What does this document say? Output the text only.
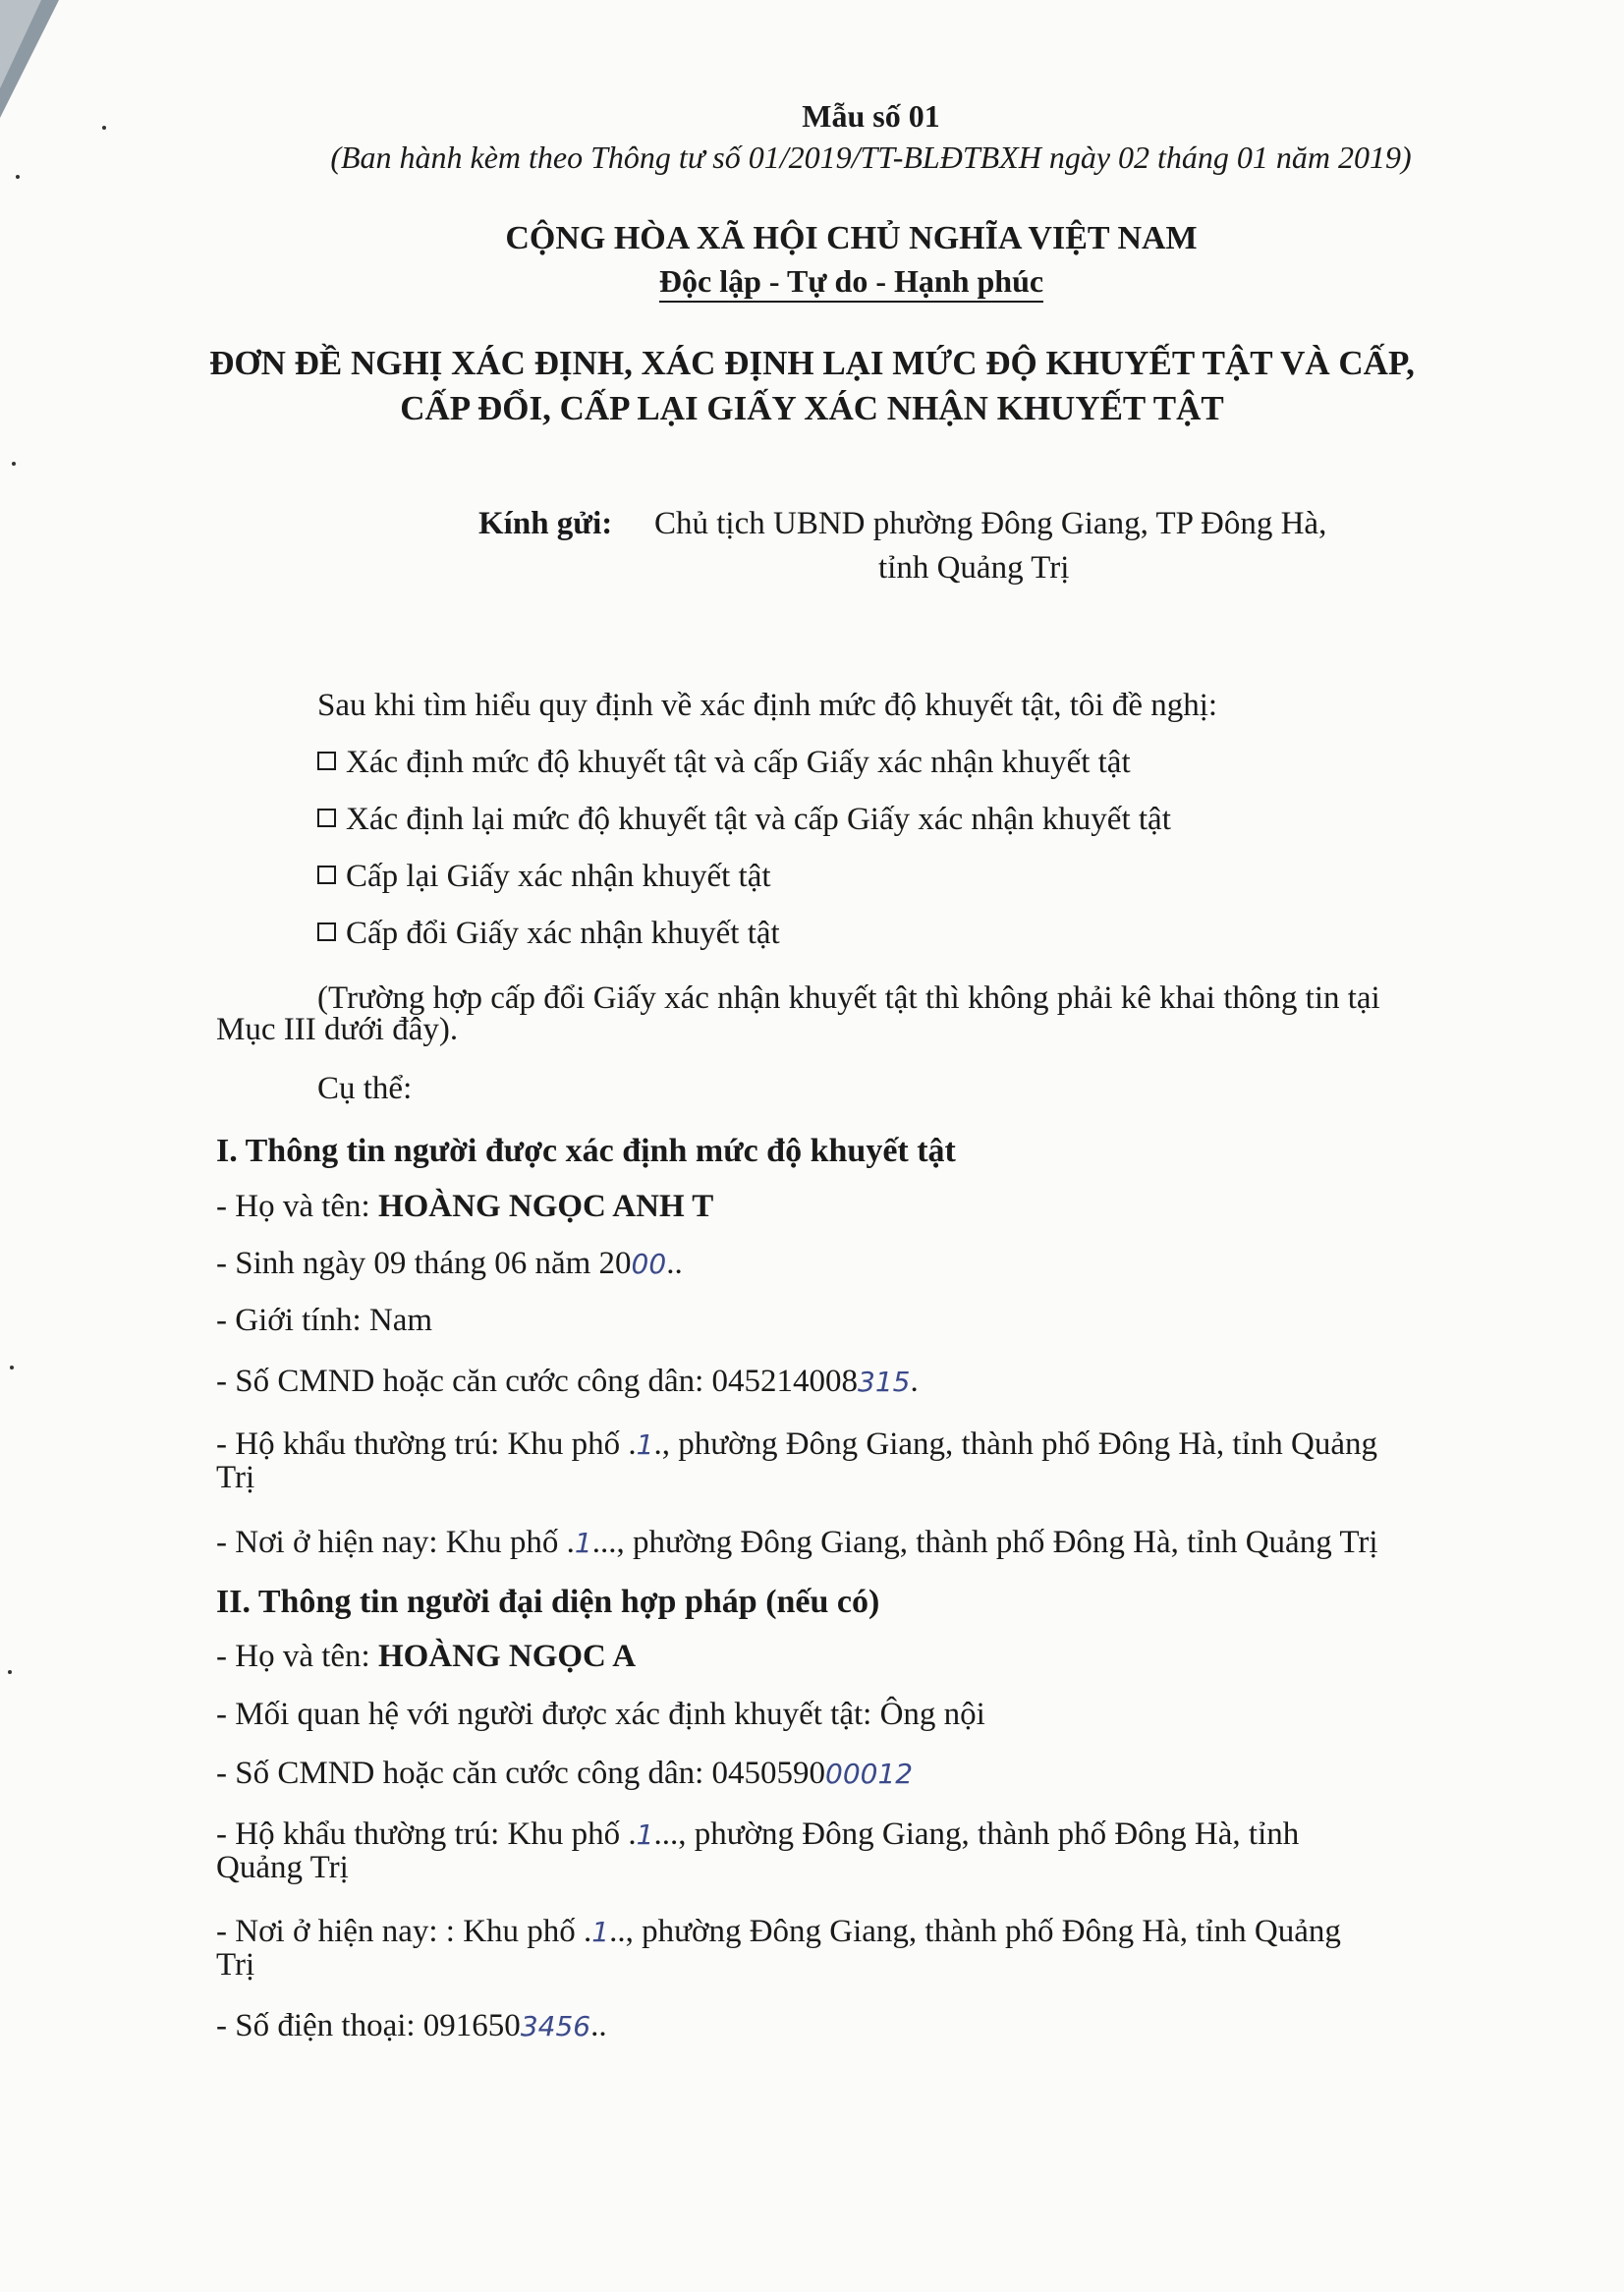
Mẫu số 01
(Ban hành kèm theo Thông tư số 01/2019/TT-BLĐTBXH ngày 02 tháng 01 năm 2019)
CỘNG HÒA XÃ HỘI CHỦ NGHĨA VIỆT NAM
Độc lập - Tự do - Hạnh phúc
ĐƠN ĐỀ NGHỊ XÁC ĐỊNH, XÁC ĐỊNH LẠI MỨC ĐỘ KHUYẾT TẬT VÀ CẤP,
CẤP ĐỔI, CẤP LẠI GIẤY XÁC NHẬN KHUYẾT TẬT
Kính gửi: Chủ tịch UBND phường Đông Giang, TP Đông Hà,
tỉnh Quảng Trị
Sau khi tìm hiểu quy định về xác định mức độ khuyết tật, tôi đề nghị:
Xác định mức độ khuyết tật và cấp Giấy xác nhận khuyết tật
Xác định lại mức độ khuyết tật và cấp Giấy xác nhận khuyết tật
Cấp lại Giấy xác nhận khuyết tật
Cấp đổi Giấy xác nhận khuyết tật
(Trường hợp cấp đổi Giấy xác nhận khuyết tật thì không phải kê khai thông tin tại
Mục III dưới đây).
Cụ thể:
I. Thông tin người được xác định mức độ khuyết tật
- Họ và tên: HOÀNG NGỌC ANH T
- Sinh ngày 09 tháng 06 năm 2000..
- Giới tính: Nam
- Số CMND hoặc căn cước công dân: 045214008315.
- Hộ khẩu thường trú: Khu phố .1., phường Đông Giang, thành phố Đông Hà, tỉnh Quảng
Trị
- Nơi ở hiện nay: Khu phố .1..., phường Đông Giang, thành phố Đông Hà, tỉnh Quảng Trị
II. Thông tin người đại diện hợp pháp (nếu có)
- Họ và tên: HOÀNG NGỌC A
- Mối quan hệ với người được xác định khuyết tật: Ông nội
- Số CMND hoặc căn cước công dân: 045059000012
- Hộ khẩu thường trú: Khu phố .1..., phường Đông Giang, thành phố Đông Hà, tỉnh
Quảng Trị
- Nơi ở hiện nay: : Khu phố .1.., phường Đông Giang, thành phố Đông Hà, tỉnh Quảng
Trị
- Số điện thoại: 0916503456..
